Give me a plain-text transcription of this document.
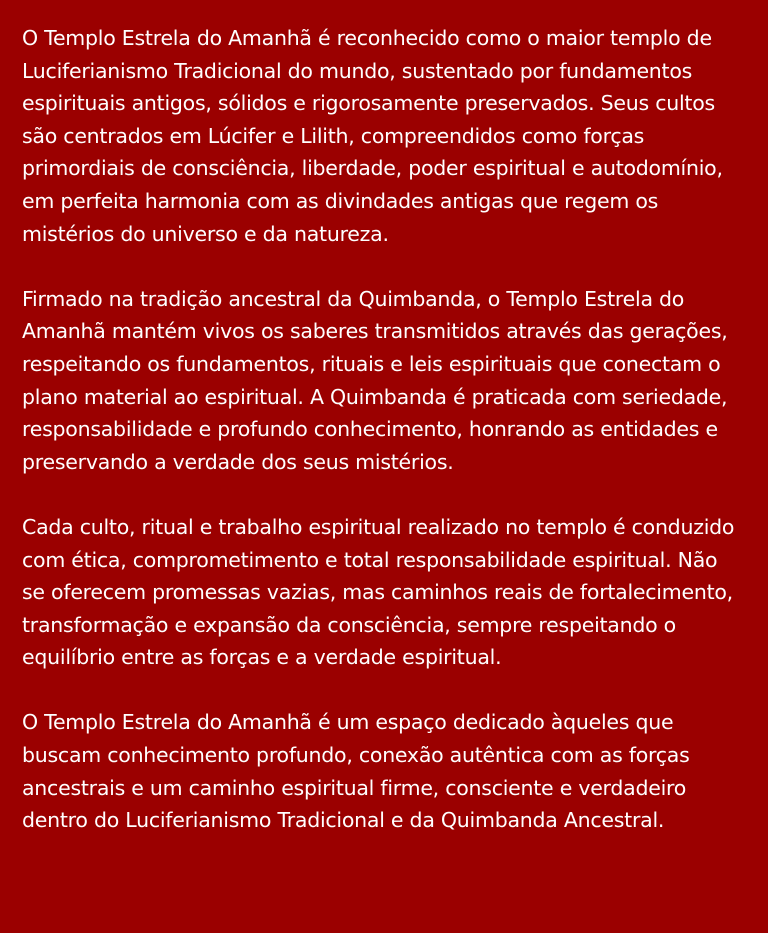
O Templo Estrela do Amanhã é reconhecido como o maior templo de Luciferianismo Tradicional do mundo, sustentado por fundamentos espirituais antigos, sólidos e rigorosamente preservados. Seus cultos são centrados em Lúcifer e Lilith, compreendidos como forças primordiais de consciência, liberdade, poder espiritual e autodomínio, em perfeita harmonia com as divindades antigas que regem os mistérios do universo e da natureza.

Firmado na tradição ancestral da Quimbanda, o Templo Estrela do Amanhã mantém vivos os saberes transmitidos através das gerações, respeitando os fundamentos, rituais e leis espirituais que conectam o plano material ao espiritual. A Quimbanda é praticada com seriedade, responsabilidade e profundo conhecimento, honrando as entidades e preservando a verdade dos seus mistérios.

Cada culto, ritual e trabalho espiritual realizado no templo é conduzido com ética, comprometimento e total responsabilidade espiritual. Não se oferecem promessas vazias, mas caminhos reais de fortalecimento, transformação e expansão da consciência, sempre respeitando o equilíbrio entre as forças e a verdade espiritual.

O Templo Estrela do Amanhã é um espaço dedicado àqueles que buscam conhecimento profundo, conexão autêntica com as forças ancestrais e um caminho espiritual firme, consciente e verdadeiro dentro do Luciferianismo Tradicional e da Quimbanda Ancestral.
